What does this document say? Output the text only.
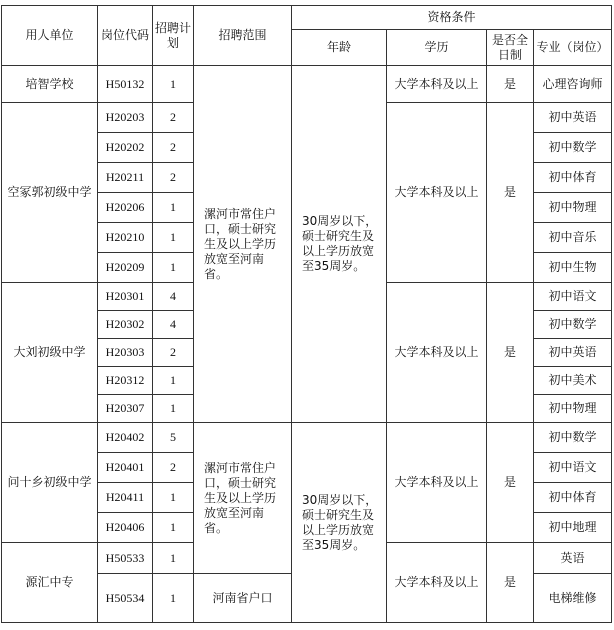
用人单位	岗位代码	招聘计划	招聘范围	资格条件			
				年龄	学历	是否全日制	专业（岗位）
培智学校	H50132	1	漯河市常住户口，硕士研究生及以上学历放宽至河南省。	30周岁以下，硕士研究生及以上学历放宽至35周岁。	大学本科及以上	是	心理咨询师
空冢郭初级中学	H20203	2			大学本科及以上	是	初中英语
	H20202	2					初中数学
	H20211	2					初中体育
	H20206	1					初中物理
	H20210	1					初中音乐
	H20209	1					初中生物
大刘初级中学	H20301	4			大学本科及以上	是	初中语文
	H20302	4					初中数学
	H20303	2					初中英语
	H20312	1					初中美术
	H20307	1					初中物理
问十乡初级中学	H20402	5	漯河市常住户口，硕士研究生及以上学历放宽至河南省。	30周岁以下，硕士研究生及以上学历放宽至35周岁。	大学本科及以上	是	初中数学
	H20401	2					初中语文
	H20411	1					初中体育
	H20406	1					初中地理
源汇中专	H50533	1			大学本科及以上	是	英语
	H50534	1	河南省户口				电梯维修
